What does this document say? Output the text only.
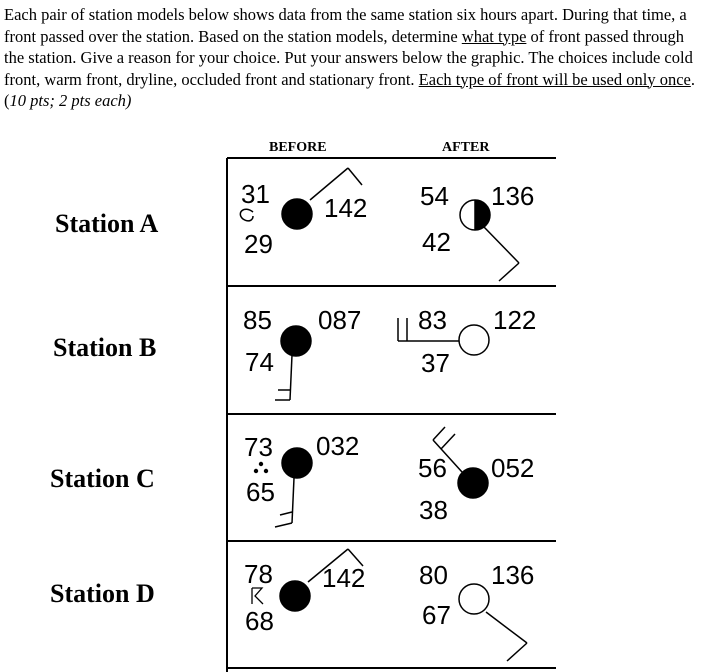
Each pair of station models below shows data from the same station six hours apart. During that time, a front passed over the station. Based on the station models, determine what type of front passed through the station. Give a reason for your choice. Put your answers below the graphic. The choices include cold front, warm front, dryline, occluded front and stationary front. Each type of front will be used only once. (10 pts; 2 pts each)
BEFORE	AFTER
Station A
Station B
Station C
Station D
31
29
142 54
42
136
85
74
087 83
37
122
73
65
032
56
38
052
78
68
142 80
67
136
